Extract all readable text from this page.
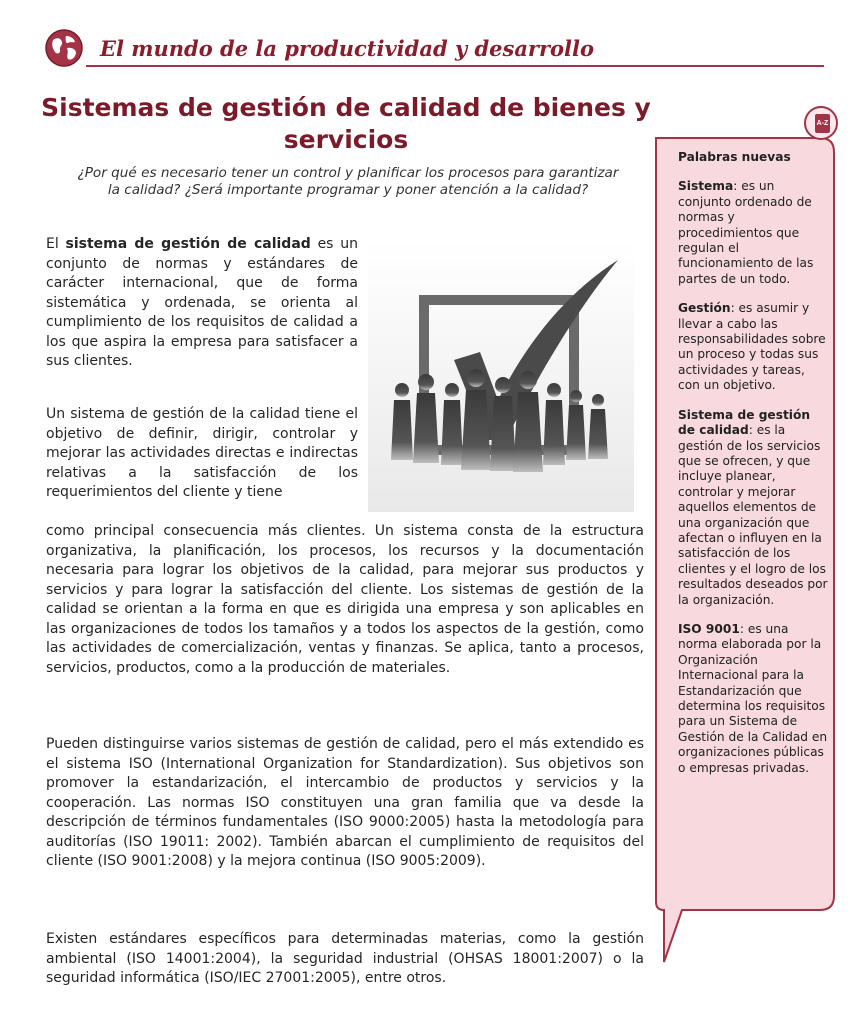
El mundo de la productividad y desarrollo
Sistemas de gestión de calidad de bienes y servicios

¿Por qué es necesario tener un control y planificar los procesos para garantizar la calidad? ¿Será importante programar y poner atención a la calidad?

El sistema de gestión de calidad es un conjunto de normas y estándares de carácter internacional, que de forma sistemática y ordenada, se orienta al cumplimiento de los requisitos de calidad a los que aspira la empresa para satisfacer a sus clientes.

Un sistema de gestión de la calidad tiene el objetivo de definir, dirigir, controlar y mejorar las actividades directas e indirectas relativas a la satisfacción de los requerimientos del cliente y tiene

como principal consecuencia más clientes. Un sistema consta de la estructura organizativa, la planificación, los procesos, los recursos y la documentación necesaria para lograr los objetivos de la calidad, para mejorar sus productos y servicios y para lograr la satisfacción del cliente. Los sistemas de gestión de la calidad se orientan a la forma en que es dirigida una empresa y son aplicables en las organizaciones de todos los tamaños y a todos los aspectos de la gestión, como las actividades de comercialización, ventas y finanzas. Se aplica, tanto a procesos, servicios, productos, como a la producción de materiales.

Pueden distinguirse varios sistemas de gestión de calidad, pero el más extendido es el sistema ISO (International Organization for Standardization). Sus objetivos son promover la estandarización, el intercambio de productos y servicios y la cooperación. Las normas ISO constituyen una gran familia que va desde la descripción de términos fundamentales (ISO 9000:2005) hasta la metodología para auditorías (ISO 19011: 2002). También abarcan el cumplimiento de requisitos del cliente (ISO 9001:2008) y la mejora continua (ISO 9005:2009).

Existen estándares específicos para determinadas materias, como la gestión ambiental (ISO 14001:2004), la seguridad industrial (OHSAS 18001:2007) o la seguridad informática (ISO/IEC 27001:2005), entre otros.

A-Z
Palabras nuevas
Sistema: es un conjunto ordenado de normas y procedimientos que regulan el funcionamiento de las partes de un todo.
Gestión: es asumir y llevar a cabo las responsabilidades sobre un proceso y todas sus actividades y tareas, con un objetivo.
Sistema de gestión de calidad: es la gestión de los servicios que se ofrecen, y que incluye planear, controlar y mejorar aquellos elementos de una organización que afectan o influyen en la satisfacción de los clientes y el logro de los resultados deseados por la organización.
ISO 9001: es una norma elaborada por la Organización Internacional para la Estandarización que determina los requisitos para un Sistema de Gestión de la Calidad en organizaciones públicas o empresas privadas.
